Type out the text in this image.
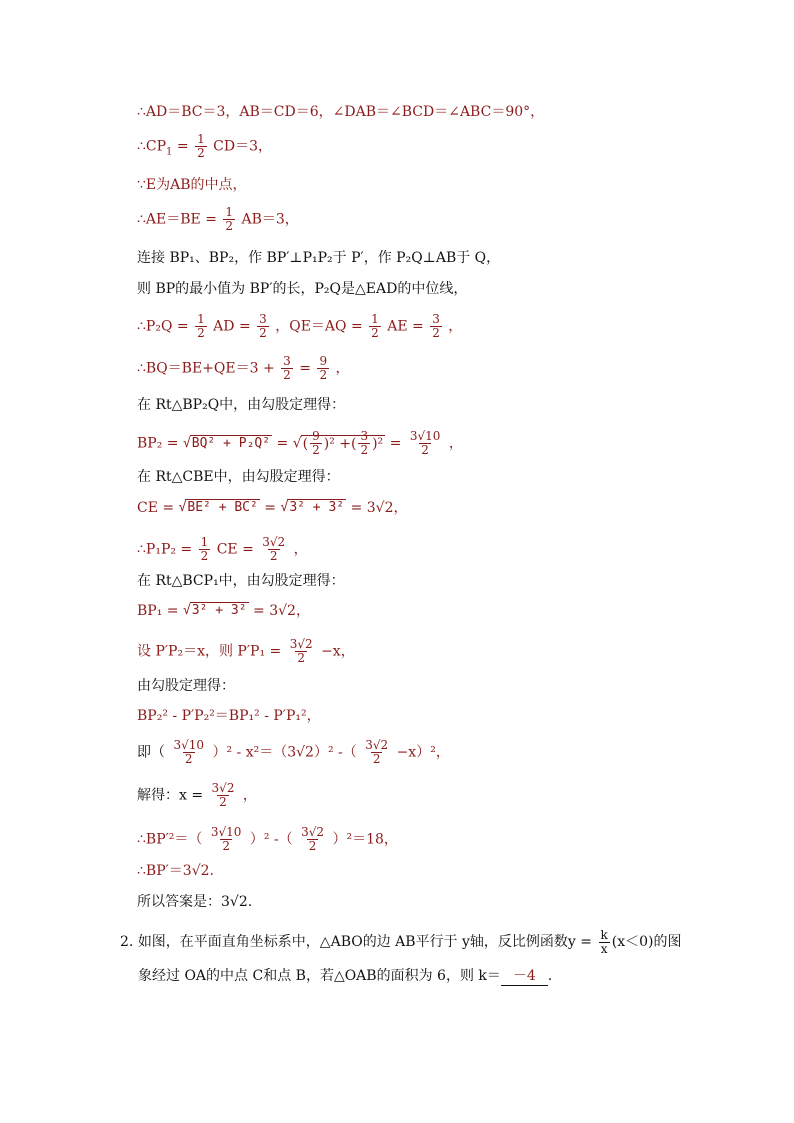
∴AD＝BC＝3，AB＝CD＝6，∠DAB＝∠BCD＝∠ABC＝90°，
$\therefore CP_1 = \frac{1}{2} CD=3$，
∵E为AB的中点，
∴AE＝BE = $\frac{1}{2} AB=3$，
连接 BP₁、BP₂，作 BP′⊥P₁P₂于 P′，作 P₂Q⊥AB于 Q，
则 BP的最小值为 BP′的长，P₂Q是△EAD的中位线，
∴P₂Q = $\frac{1}{2}$ AD = $\frac{3}{2}$ ，$QE=AQ = \frac{1}{2}$ AE = $\frac{3}{2}$ ，
∴BQ＝BE+QE＝3 + $\frac{3}{2} = \frac{9}{2}$ ，
在 Rt△BP₂Q中，由勾股定理得：
BP₂ = √BQ² + P₂Q² = √( $\frac{9}{2} )^2$ +( $\frac{3}{2} )^2 = \frac{3√10}{2}$ ，
在 Rt△CBE中，由勾股定理得：
CE = √BE² + BC² = √3² + 3² = 3√2，
∴P₁P₂ = $\frac{1}{2}$ CE = $\frac{3√2}{2}$ ，
在 Rt△BCP₁中，由勾股定理得：
BP₁ = √3² + 3² = 3√2，
设 P′P₂＝x，则 $P'P_1 = \frac{3√2}{2} -x$，
由勾股定理得：
BP₂² - P′P₂²＝BP₁² - P′P₁²，
即（ $\frac{3√10}{2} )^2 - x^2=(3√2)^2$ -（ $\frac{3√2}{2} -x)^2$，
解得：$x = \frac{3√2}{2}$ ，
∴BP′²＝（ $\frac{3√10}{2} )^2$ -（ $\frac{3√2}{2} )^2=18$，
∴BP′＝3√2.
所以答案是：3√2.
2. 如图，在平面直角坐标系中，△ABO的边 AB平行于 y轴，反比例函数$y = \frac{k}{x} (x<0)$的图
象经过 OA的中点 C和点 B，若△OAB的面积为 6，则 k＝ －4 .
